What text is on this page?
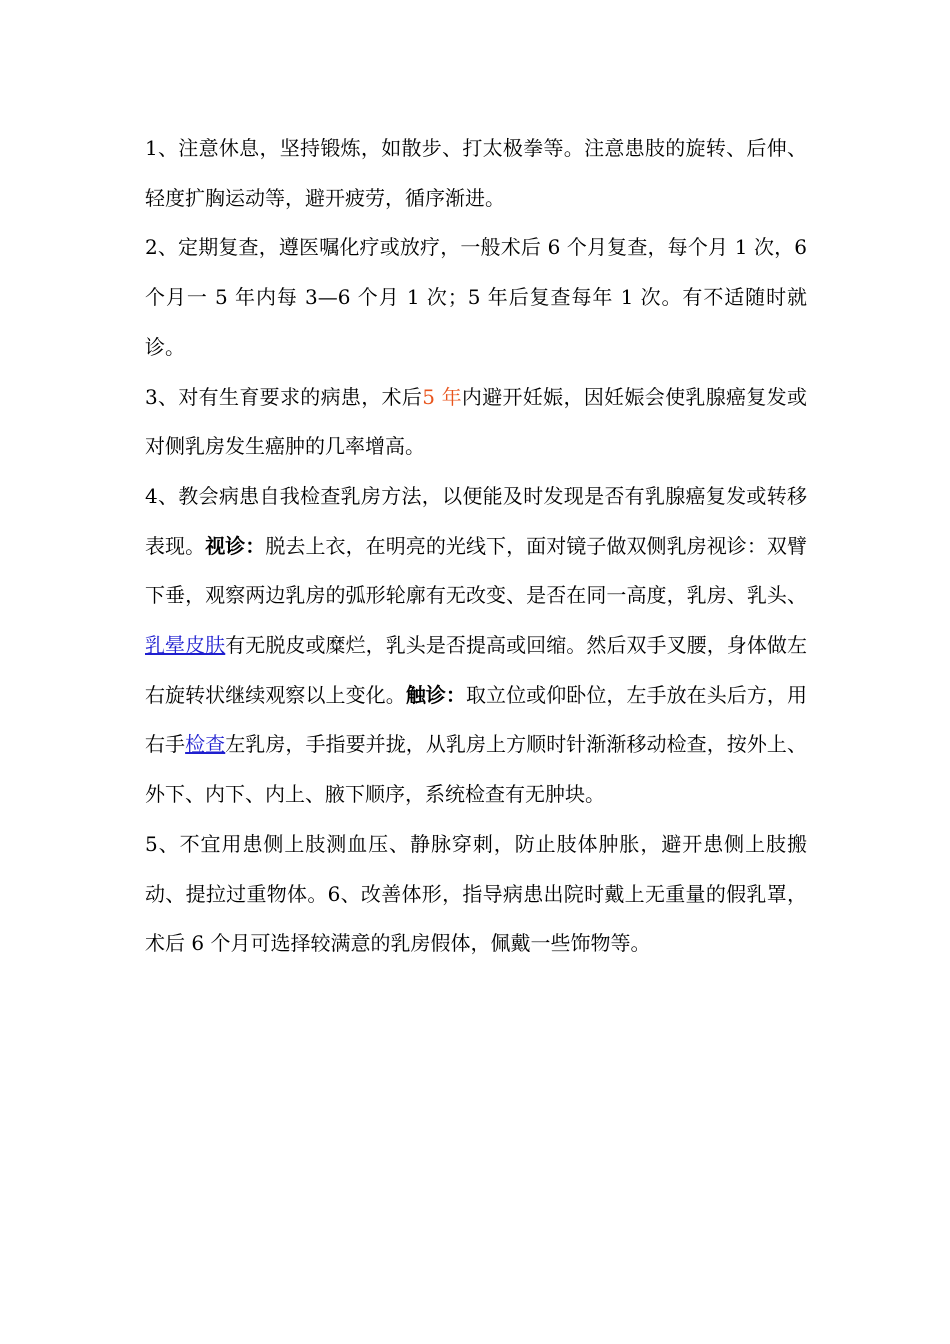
1、注意休息，坚持锻炼，如散步、打太极拳等。注意患肢的旋转、后伸、轻度扩胸运动等，避开疲劳，循序渐进。

2、定期复查，遵医嘱化疗或放疗，一般术后 6 个月复查，每个月 1 次，6 个月一 5 年内每 3—6 个月 1 次；5 年后复查每年 1 次。有不适随时就诊。

3、对有生育要求的病患，术后5 年内避开妊娠，因妊娠会使乳腺癌复发或对侧乳房发生癌肿的几率增高。

4、教会病患自我检查乳房方法，以便能及时发现是否有乳腺癌复发或转移表现。视诊：脱去上衣，在明亮的光线下，面对镜子做双侧乳房视诊：双臂下垂，观察两边乳房的弧形轮廓有无改变、是否在同一高度，乳房、乳头、乳晕皮肤有无脱皮或糜烂，乳头是否提高或回缩。然后双手叉腰，身体做左右旋转状继续观察以上变化。触诊：取立位或仰卧位，左手放在头后方，用右手检查左乳房，手指要并拢，从乳房上方顺时针渐渐移动检查，按外上、外下、内下、内上、腋下顺序，系统检查有无肿块。

5、不宜用患侧上肢测血压、静脉穿刺，防止肢体肿胀，避开患侧上肢搬动、提拉过重物体。6、改善体形，指导病患出院时戴上无重量的假乳罩，术后 6 个月可选择较满意的乳房假体，佩戴一些饰物等。
